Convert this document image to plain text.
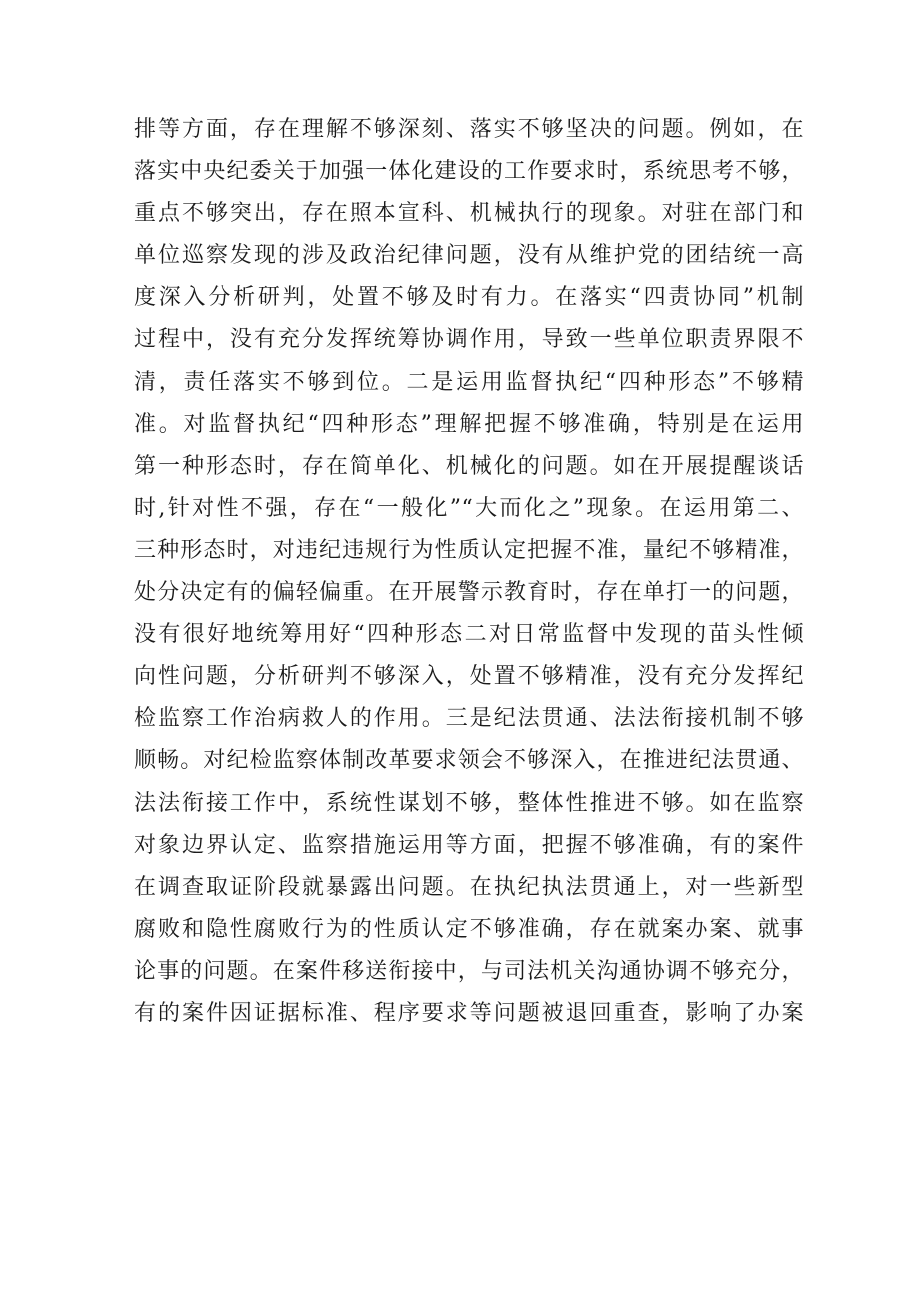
排等方面，存在理解不够深刻、落实不够坚决的问题。例如，在
落实中央纪委关于加强一体化建设的工作要求时，系统思考不够，
重点不够突出，存在照本宣科、机械执行的现象。对驻在部门和
单位巡察发现的涉及政治纪律问题，没有从维护党的团结统一高
度深入分析研判，处置不够及时有力。在落实“四责协同”机制
过程中，没有充分发挥统筹协调作用，导致一些单位职责界限不
清，责任落实不够到位。二是运用监督执纪“四种形态”不够精
准。对监督执纪“四种形态”理解把握不够准确，特别是在运用
第一种形态时，存在简单化、机械化的问题。如在开展提醒谈话
时,针对性不强，存在“一般化”“大而化之”现象。在运用第二、
三种形态时，对违纪违规行为性质认定把握不准，量纪不够精准，
处分决定有的偏轻偏重。在开展警示教育时，存在单打一的问题，
没有很好地统筹用好“四种形态二对日常监督中发现的苗头性倾
向性问题，分析研判不够深入，处置不够精准，没有充分发挥纪
检监察工作治病救人的作用。三是纪法贯通、法法衔接机制不够
顺畅。对纪检监察体制改革要求领会不够深入，在推进纪法贯通、
法法衔接工作中，系统性谋划不够，整体性推进不够。如在监察
对象边界认定、监察措施运用等方面，把握不够准确，有的案件
在调查取证阶段就暴露出问题。在执纪执法贯通上，对一些新型
腐败和隐性腐败行为的性质认定不够准确，存在就案办案、就事
论事的问题。在案件移送衔接中，与司法机关沟通协调不够充分，
有的案件因证据标准、程序要求等问题被退回重查，影响了办案
